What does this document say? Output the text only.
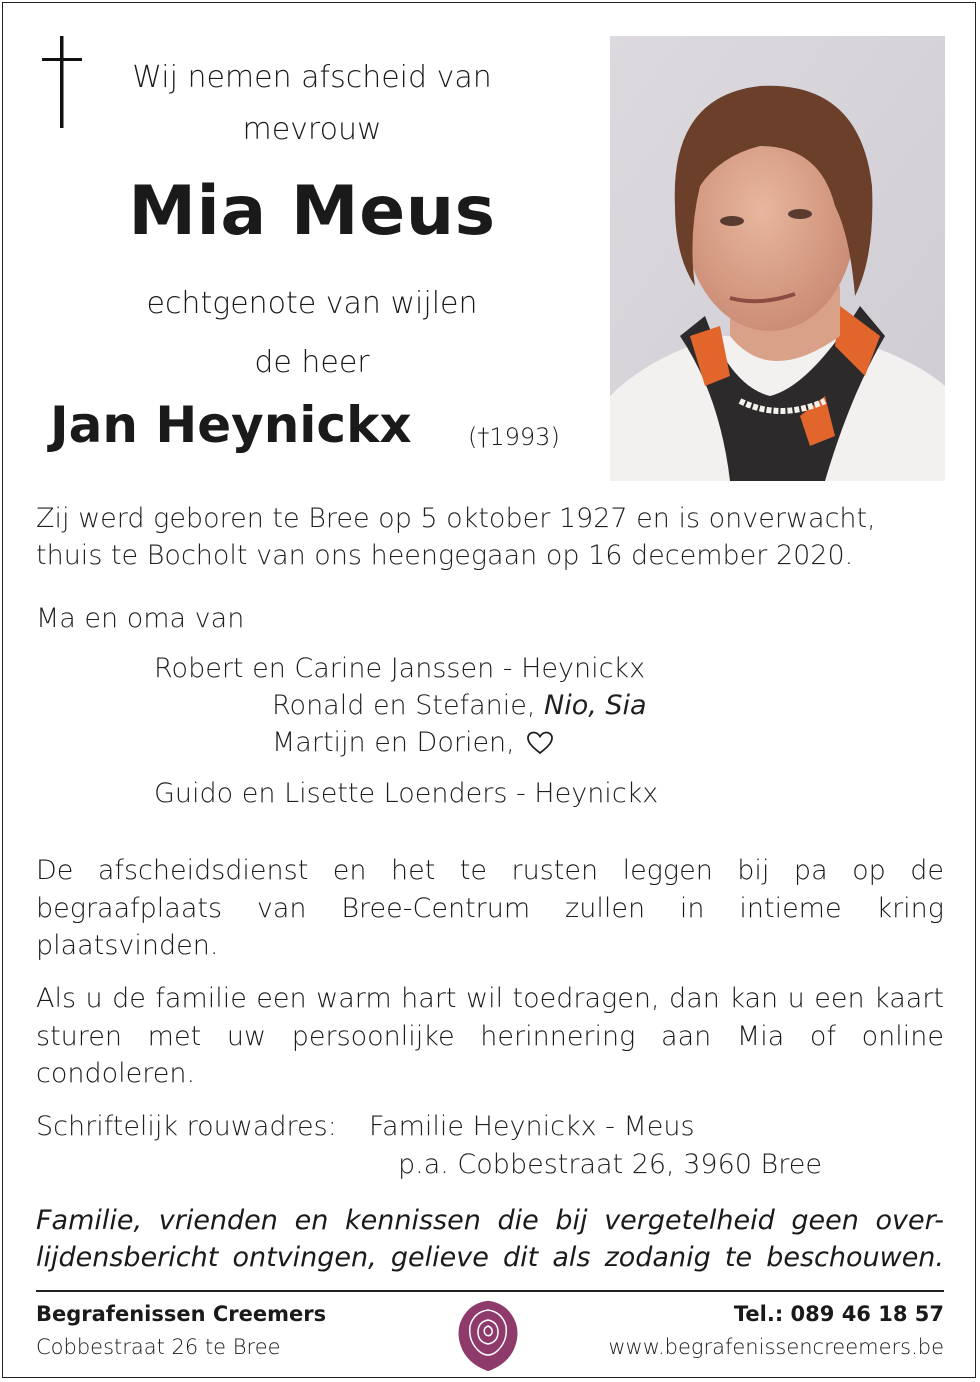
Wij nemen afscheid van
mevrouw
Mia Meus
echtgenote van wijlen
de heer
Jan Heynickx (†1993)
Zij werd geboren te Bree op 5 oktober 1927 en is onverwacht,
thuis te Bocholt van ons heengegaan op 16 december 2020.
Ma en oma van
Robert en Carine Janssen - Heynickx
Ronald en Stefanie, Nio, Sia
Martijn en Dorien,
Guido en Lisette Loenders - Heynickx
De afscheidsdienst en het te rusten leggen bij pa op de begraafplaats van Bree-Centrum zullen in intieme kring plaatsvinden.
Als u de familie een warm hart wil toedragen, dan kan u een kaart sturen met uw persoonlijke herinnering aan Mia of online condoleren.
Schriftelijk rouwadres: Familie Heynickx - Meus
p.a. Cobbestraat 26, 3960 Bree
Familie, vrienden en kennissen die bij vergetelheid geen over-
lijdensbericht ontvingen, gelieve dit als zodanig te beschouwen.
Begrafenissen Creemers
Cobbestraat 26 te Bree
Tel.: 089 46 18 57
www.begrafenissencreemers.be
